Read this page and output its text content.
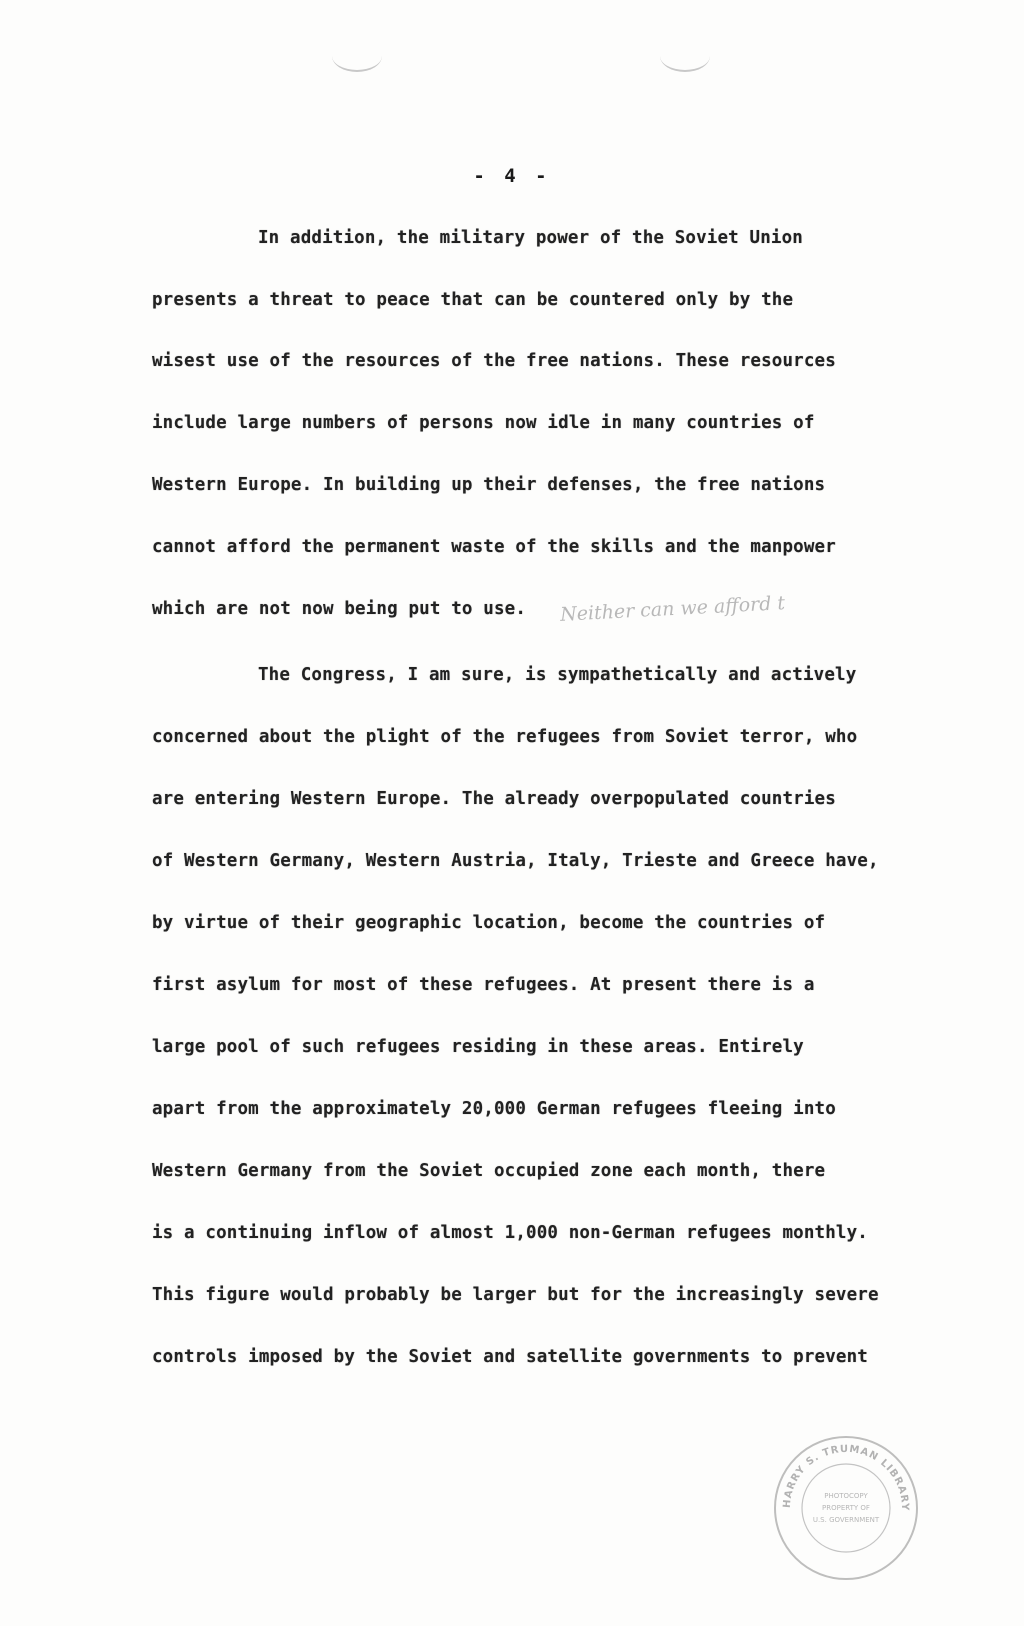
- 4 -
In addition, the military power of the Soviet Union
presents a threat to peace that can be countered only by the
wisest use of the resources of the free nations. These resources
include large numbers of persons now idle in many countries of
Western Europe. In building up their defenses, the free nations
cannot afford the permanent waste of the skills and the manpower
which are not now being put to use. Neither can we afford t
The Congress, I am sure, is sympathetically and actively
concerned about the plight of the refugees from Soviet terror, who
are entering Western Europe. The already overpopulated countries
of Western Germany, Western Austria, Italy, Trieste and Greece have,
by virtue of their geographic location, become the countries of
first asylum for most of these refugees. At present there is a
large pool of such refugees residing in these areas. Entirely
apart from the approximately 20,000 German refugees fleeing into
Western Germany from the Soviet occupied zone each month, there
is a continuing inflow of almost 1,000 non-German refugees monthly.
This figure would probably be larger but for the increasingly severe
controls imposed by the Soviet and satellite governments to prevent
HARRY S. TRUMAN LIBRARY
PHOTOCOPY
PROPERTY OF
U.S. GOVERNMENT
